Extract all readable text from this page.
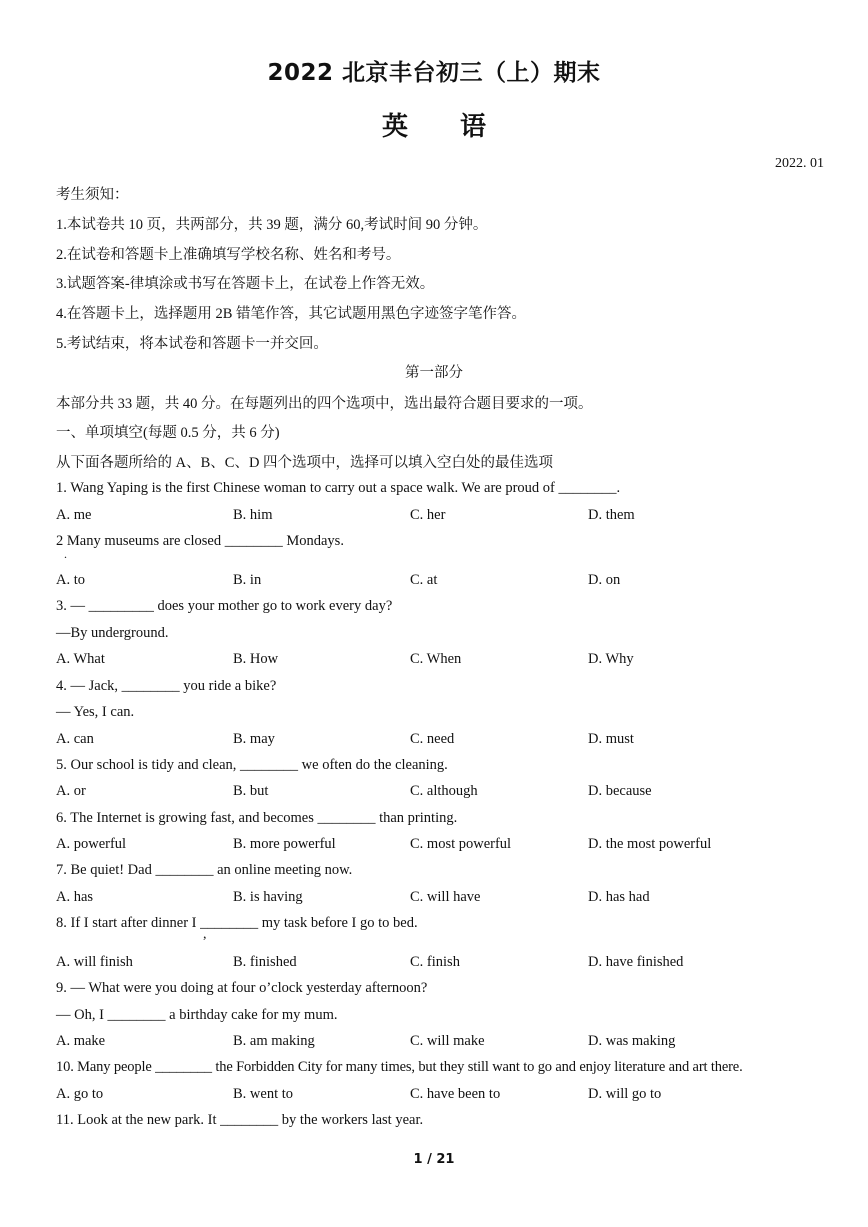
2022 北京丰台初三（上）期末
英语
2022. 01
考生须知：
1.本试卷共 10 页，共两部分，共 39 题，满分 60,考试时间 90 分钟。
2.在试卷和答题卡上准确填写学校名称、姓名和考号。
3.试题答案-律填涂或书写在答题卡上，在试卷上作答无效。
4.在答题卡上，选择题用 2B 错笔作答，其它试题用黑色字迹签字笔作答。
5.考试结束，将本试卷和答题卡一并交回。
第一部分
本部分共 33 题，共 40 分。在每题列出的四个选项中，选出最符合题目要求的一项。
一、单项填空(每题 0.5 分，共 6 分)
从下面各题所给的 A、B、C、D 四个选项中，选择可以填入空白处的最佳选项
1. Wang Yaping is the first Chinese woman to carry out a space walk. We are proud of ________.
A. me	B. him	C. her	D. them
2 Many museums are closed ________ Mondays.
.
A. to	B. in	C. at	D. on
3. — _________ does your mother go to work every day?
—By underground.
A. What	B. How	C. When	D. Why
4. — Jack, ________ you ride a bike?
— Yes, I can.
A. can	B. may	C. need	D. must
5. Our school is tidy and clean, ________ we often do the cleaning.
A. or	B. but	C. although	D. because
6. The Internet is growing fast, and becomes ________ than printing.
A. powerful	B. more powerful	C. most powerful	D. the most powerful
7. Be quiet! Dad ________ an online meeting now.
A. has	B. is having	C. will have	D. has had
8. If I start after dinner I ________ my task before I go to bed.
,
A. will finish	B. finished	C. finish	D. have finished
9. — What were you doing at four o’clock yesterday afternoon?
— Oh, I ________ a birthday cake for my mum.
A. make	B. am making	C. will make	D. was making
10. Many people ________ the Forbidden City for many times, but they still want to go and enjoy literature and art there.
A. go to	B. went to	C. have been to	D. will go to
11. Look at the new park. It ________ by the workers last year.
1 / 21
